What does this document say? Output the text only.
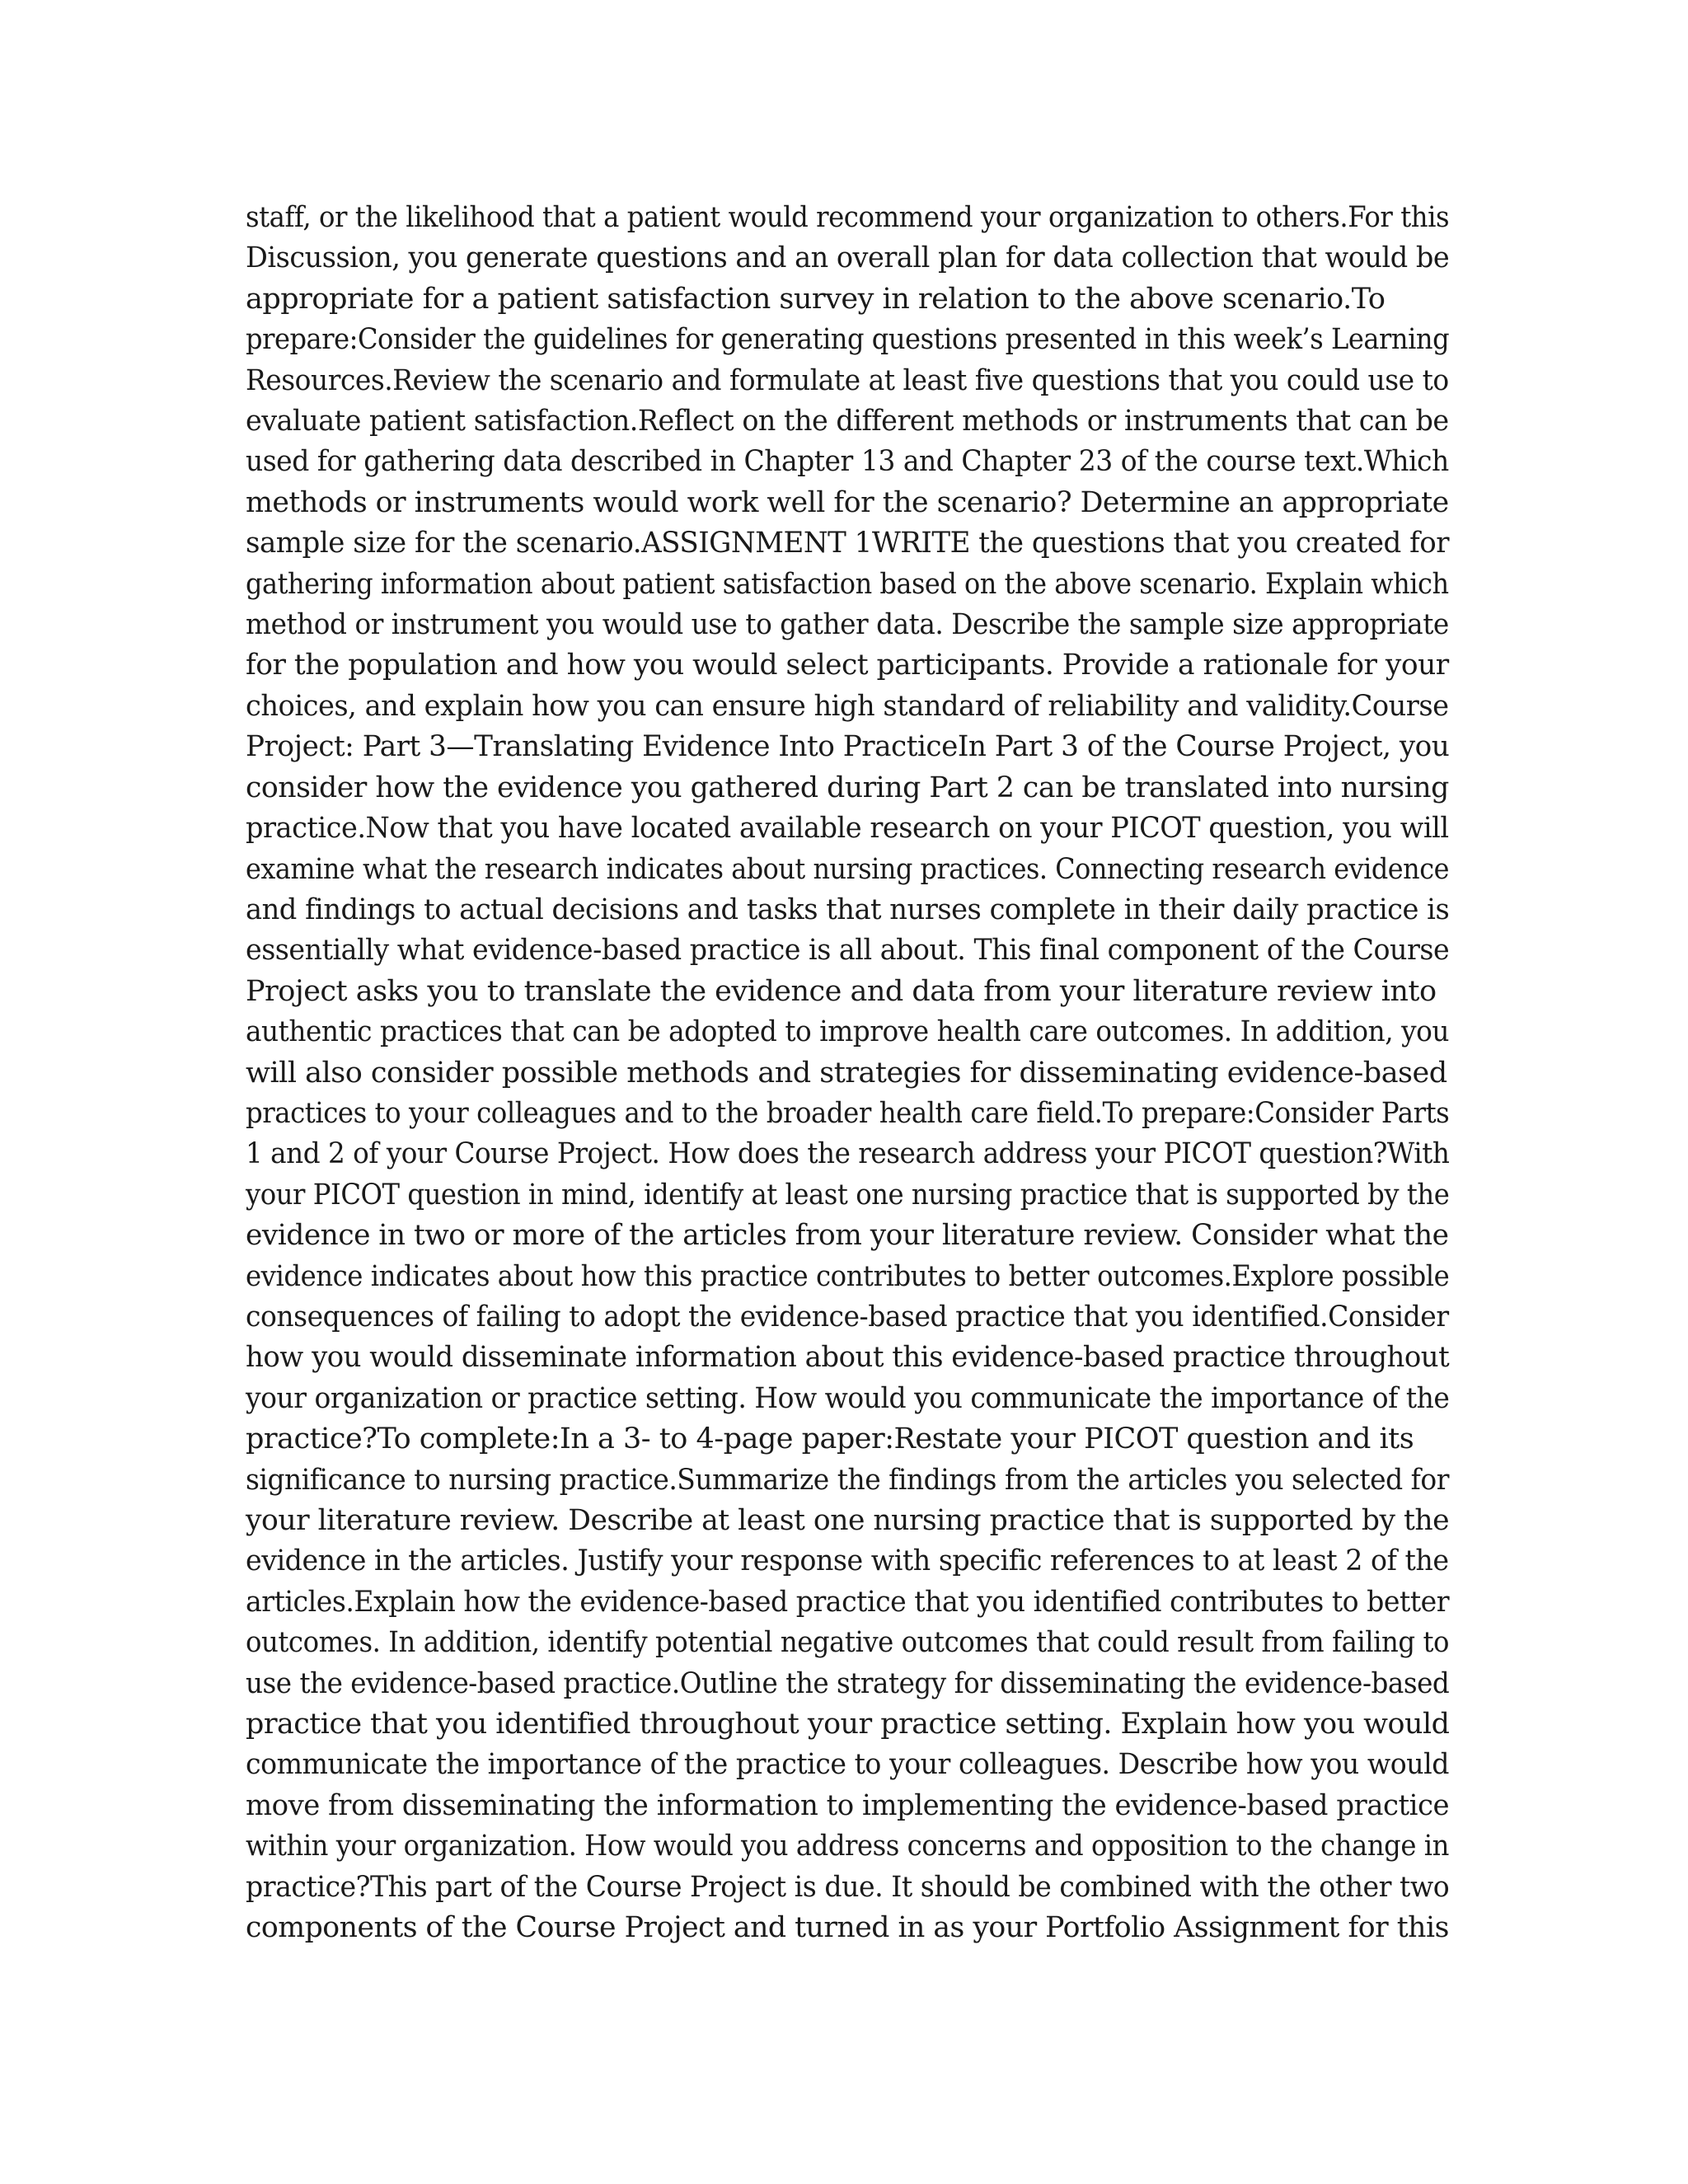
staff, or the likelihood that a patient would recommend your organization to others.For this
Discussion, you generate questions and an overall plan for data collection that would be
appropriate for a patient satisfaction survey in relation to the above scenario.To
prepare:Consider the guidelines for generating questions presented in this week’s Learning
Resources.Review the scenario and formulate at least five questions that you could use to
evaluate patient satisfaction.Reflect on the different methods or instruments that can be
used for gathering data described in Chapter 13 and Chapter 23 of the course text.Which
methods or instruments would work well for the scenario? Determine an appropriate
sample size for the scenario.ASSIGNMENT 1WRITE the questions that you created for
gathering information about patient satisfaction based on the above scenario. Explain which
method or instrument you would use to gather data. Describe the sample size appropriate
for the population and how you would select participants. Provide a rationale for your
choices, and explain how you can ensure high standard of reliability and validity.Course
Project: Part 3—Translating Evidence Into PracticeIn Part 3 of the Course Project, you
consider how the evidence you gathered during Part 2 can be translated into nursing
practice.Now that you have located available research on your PICOT question, you will
examine what the research indicates about nursing practices. Connecting research evidence
and findings to actual decisions and tasks that nurses complete in their daily practice is
essentially what evidence-based practice is all about. This final component of the Course
Project asks you to translate the evidence and data from your literature review into
authentic practices that can be adopted to improve health care outcomes. In addition, you
will also consider possible methods and strategies for disseminating evidence-based
practices to your colleagues and to the broader health care field.To prepare:Consider Parts
1 and 2 of your Course Project. How does the research address your PICOT question?With
your PICOT question in mind, identify at least one nursing practice that is supported by the
evidence in two or more of the articles from your literature review. Consider what the
evidence indicates about how this practice contributes to better outcomes.Explore possible
consequences of failing to adopt the evidence-based practice that you identified.Consider
how you would disseminate information about this evidence-based practice throughout
your organization or practice setting. How would you communicate the importance of the
practice?To complete:In a 3- to 4-page paper:Restate your PICOT question and its
significance to nursing practice.Summarize the findings from the articles you selected for
your literature review. Describe at least one nursing practice that is supported by the
evidence in the articles. Justify your response with specific references to at least 2 of the
articles.Explain how the evidence-based practice that you identified contributes to better
outcomes. In addition, identify potential negative outcomes that could result from failing to
use the evidence-based practice.Outline the strategy for disseminating the evidence-based
practice that you identified throughout your practice setting. Explain how you would
communicate the importance of the practice to your colleagues. Describe how you would
move from disseminating the information to implementing the evidence-based practice
within your organization. How would you address concerns and opposition to the change in
practice?This part of the Course Project is due. It should be combined with the other two
components of the Course Project and turned in as your Portfolio Assignment for this
